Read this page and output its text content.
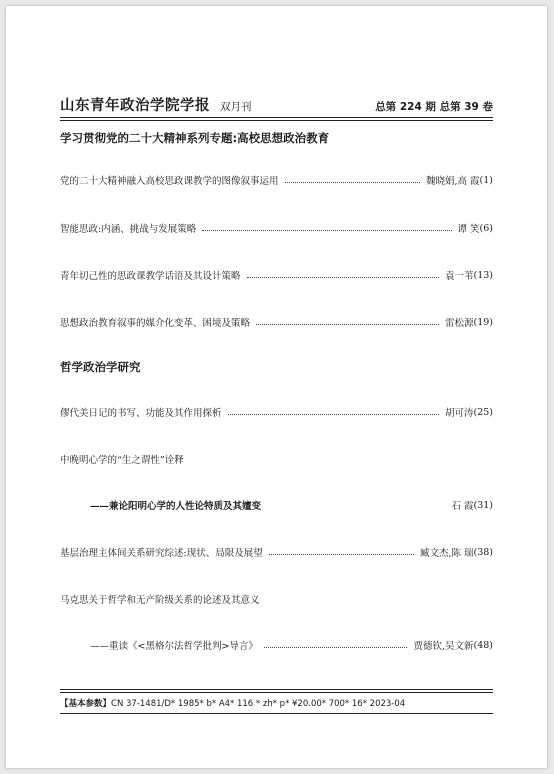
山东青年政治学院学报 双月刊	总第 224 期 总第 39 卷
学习贯彻党的二十大精神系列专题:高校思想政治教育
党的二十大精神融入高校思政课教学的图像叙事运用	魏晓娟,高 霞 (1)
智能思政:内涵、挑战与发展策略	谭 笑 (6)
青年切己性的思政课教学话语及其设计策略	袁一苇 (13)
思想政治教育叙事的媒介化变革、困境及策略	雷松源 (19)
哲学政治学研究
僇代美日记的书写、功能及其作用探析	胡可涛 (25)
中晚明心学的“生之谓性”诠释
——兼论阳明心学的人性论特质及其嬗变	石 霞 (31)
基层治理主体间关系研究综述:现状、局限及展望	臧文杰,陈 瑞 (38)
马克思关于哲学和无产阶级关系的论述及其意义
——重读《<黑格尔法哲学批判>导言》	贾德钦,吴文新 (48)
【基本参数】CN 37-1481/D* 1985* b* A4* 116 * zh* p* ¥20.00* 700* 16* 2023-04
